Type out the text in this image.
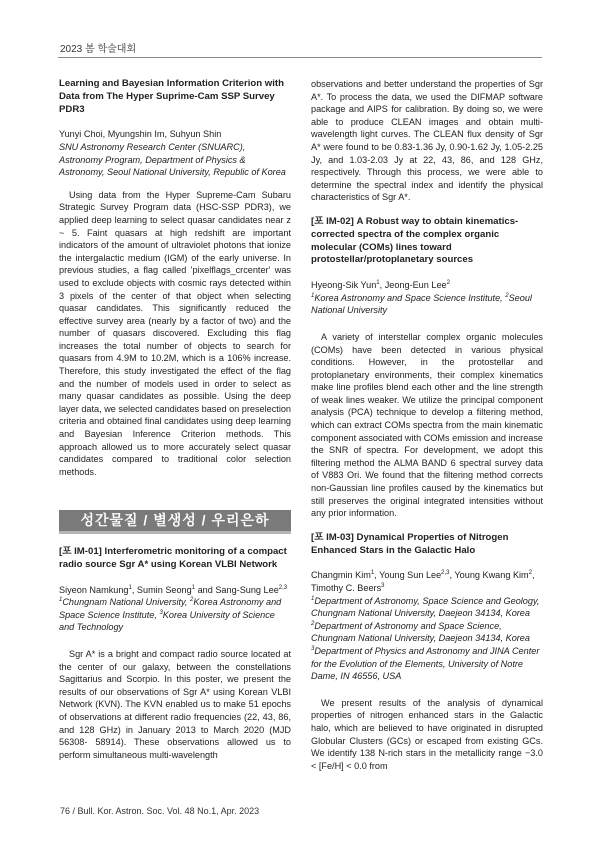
2023 봄 학술대회

Learning and Bayesian Information Criterion with Data from The Hyper Suprime-Cam SSP Survey PDR3

Yunyi Choi, Myungshin Im, Suhyun Shin

SNU Astronomy Research Center (SNUARC), Astronomy Program, Department of Physics & Astronomy, Seoul National University, Republic of Korea

Using data from the Hyper Supreme-Cam Subaru Strategic Survey Program data (HSC-SSP PDR3), we applied deep learning to select quasar candidates near z ~ 5. Faint quasars at high redshift are important indicators of the amount of ultraviolet photons that ionize the intergalactic medium (IGM) of the early universe. In previous studies, a flag called 'pixelflags_crcenter' was used to exclude objects with cosmic rays detected within 3 pixels of the center of that object when selecting quasar candidates. This significantly reduced the effective survey area (nearly by a factor of two) and the number of quasars discovered. Excluding this flag increases the total number of objects to search for quasars from 4.9M to 10.2M, which is a 106% increase. Therefore, this study investigated the effect of the flag and the number of models used in order to select as many quasar candidates as possible. Using the deep layer data, we selected candidates based on preselection criteria and obtained final candidates using deep learning and Bayesian Inference Criterion methods. This approach allowed us to more accurately select quasar candidates compared to traditional color selection methods.

성간물질 / 별생성 / 우리은하

[포 IM-01] Interferometric monitoring of a compact radio source Sgr A* using Korean VLBI Network

Siyeon Namkung$^1$, Sumin Seong$^1$ and Sang-Sung Lee$^{2,3}$

$^1$Chungnam National University, $^2$Korea Astronomy and Space Science Institute, $^3$Korea University of Science and Technology

Sgr A* is a bright and compact radio source located at the center of our galaxy, between the constellations Sagittarius and Scorpio. In this poster, we present the results of our observations of Sgr A* using Korean VLBI Network (KVN). The KVN enabled us to make 51 epochs of observations at different radio frequencies (22, 43, 86, and 128 GHz) in January 2013 to March 2020 (MJD 56308- 58914). These observations allowed us to perform simultaneous multi-wavelength

observations and better understand the properties of Sgr A*. To process the data, we used the DIFMAP software package and AIPS for calibration. By doing so, we were able to produce CLEAN images and obtain multi-wavelength light curves. The CLEAN flux density of Sgr A* were found to be 0.83-1.36 Jy, 0.90-1.62 Jy, 1.05-2.25 Jy, and 1.03-2.03 Jy at 22, 43, 86, and 128 GHz, respectively. Through this process, we were able to determine the spectral index and identify the physical characteristics of Sgr A*.

[포 IM-02] A Robust way to obtain kinematics-corrected spectra of the complex organic molecular (COMs) lines toward protostellar/protoplanetary sources

Hyeong-Sik Yun$^1$, Jeong-Eun Lee$^2$

$^1$Korea Astronomy and Space Science Institute, $^2$Seoul National University

A variety of interstellar complex organic molecules (COMs) have been detected in various physical conditions. However, in the protostellar and protoplanetary environments, their complex kinematics make line profiles blend each other and the line strength of weak lines weaker. We utilize the principal component analysis (PCA) technique to develop a filtering method, which can extract COMs spectra from the main kinematic component associated with COMs emission and increase the SNR of spectra. For development, we adopt this filtering method the ALMA BAND 6 spectral survey data of V883 Ori. We found that the filtering method corrects non-Gaussian line profiles caused by the kinematics but still preserves the original integrated intensities without any prior information.

[포 IM-03] Dynamical Properties of Nitrogen Enhanced Stars in the Galactic Halo

Changmin Kim$^1$, Young Sun Lee$^{2,3}$, Young Kwang Kim$^2$, Timothy C. Beers$^3$

$^1$Department of Astronomy, Space Science and Geology, Chungnam National University, Daejeon 34134, Korea

$^2$Department of Astronomy and Space Science, Chungnam National University, Daejeon 34134, Korea

$^3$Department of Physics and Astronomy and JINA Center for the Evolution of the Elements, University of Notre Dame, IN 46556, USA

We present results of the analysis of dynamical properties of nitrogen enhanced stars in the Galactic halo, which are believed to have originated in disrupted Globular Clusters (GCs) or escaped from existing GCs. We identify 138 N-rich stars in the metallicity range −3.0 < [Fe/H] < 0.0 from

76 / Bull. Kor. Astron. Soc. Vol. 48 No.1, Apr. 2023
